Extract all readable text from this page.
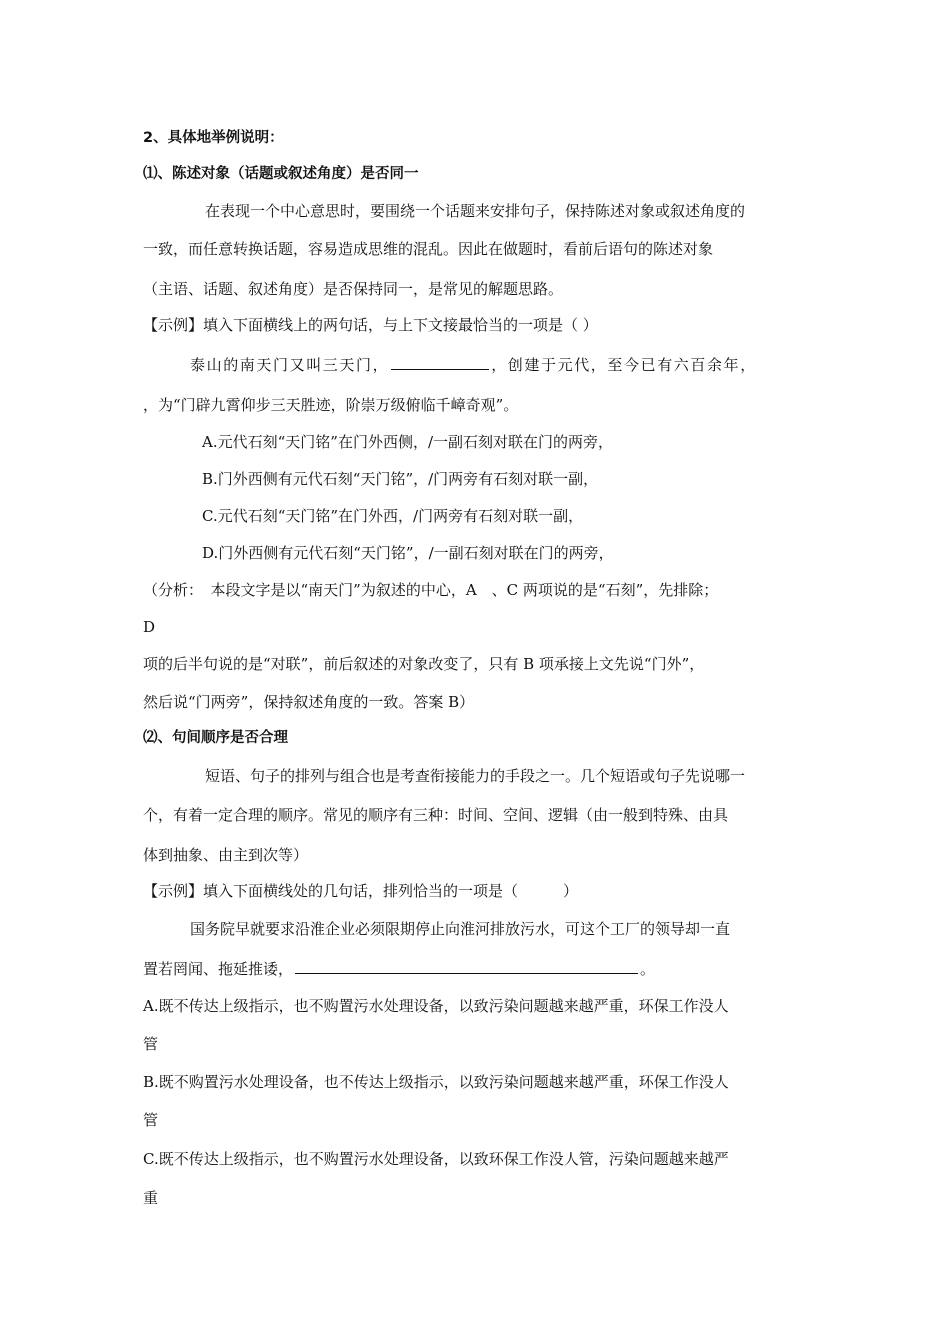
2、具体地举例说明：
⑴、陈述对象（话题或叙述角度）是否同一
在表现一个中心意思时，要围绕一个话题来安排句子，保持陈述对象或叙述角度的
一致，而任意转换话题，容易造成思维的混乱。因此在做题时，看前后语句的陈述对象
（主语、话题、叙述角度）是否保持同一，是常见的解题思路。
【示例】填入下面横线上的两句话，与上下文接最恰当的一项是（ ）
泰山的南天门又叫三天门，	，创建于元代，至今已有六百余年，
，为“门辟九霄仰步三天胜迹，阶崇万级俯临千嶂奇观”。
A.元代石刻“天门铭”在门外西侧，/一副石刻对联在门的两旁，
B.门外西侧有元代石刻“天门铭”，/门两旁有石刻对联一副，
C.元代石刻“天门铭”在门外西，/门两旁有石刻对联一副，
D.门外西侧有元代石刻“天门铭”，/一副石刻对联在门的两旁，
（分析：　本段文字是以“南天门”为叙述的中心，A　、C 两项说的是“石刻”，先排除；
D
项的后半句说的是“对联”，前后叙述的对象改变了，只有 B 项承接上文先说“门外”，
然后说“门两旁”，保持叙述角度的一致。答案 B）
⑵、句间顺序是否合理
短语、句子的排列与组合也是考查衔接能力的手段之一。几个短语或句子先说哪一
个，有着一定合理的顺序。常见的顺序有三种：时间、空间、逻辑（由一般到特殊、由具
体到抽象、由主到次等）
【示例】填入下面横线处的几句话，排列恰当的一项是（　　　）
国务院早就要求沿淮企业必须限期停止向淮河排放污水，可这个工厂的领导却一直
置若罔闻、拖延推诿，	。
A.既不传达上级指示，也不购置污水处理设备，以致污染问题越来越严重，环保工作没人
管
B.既不购置污水处理设备，也不传达上级指示，以致污染问题越来越严重，环保工作没人
管
C.既不传达上级指示，也不购置污水处理设备，以致环保工作没人管，污染问题越来越严
重
